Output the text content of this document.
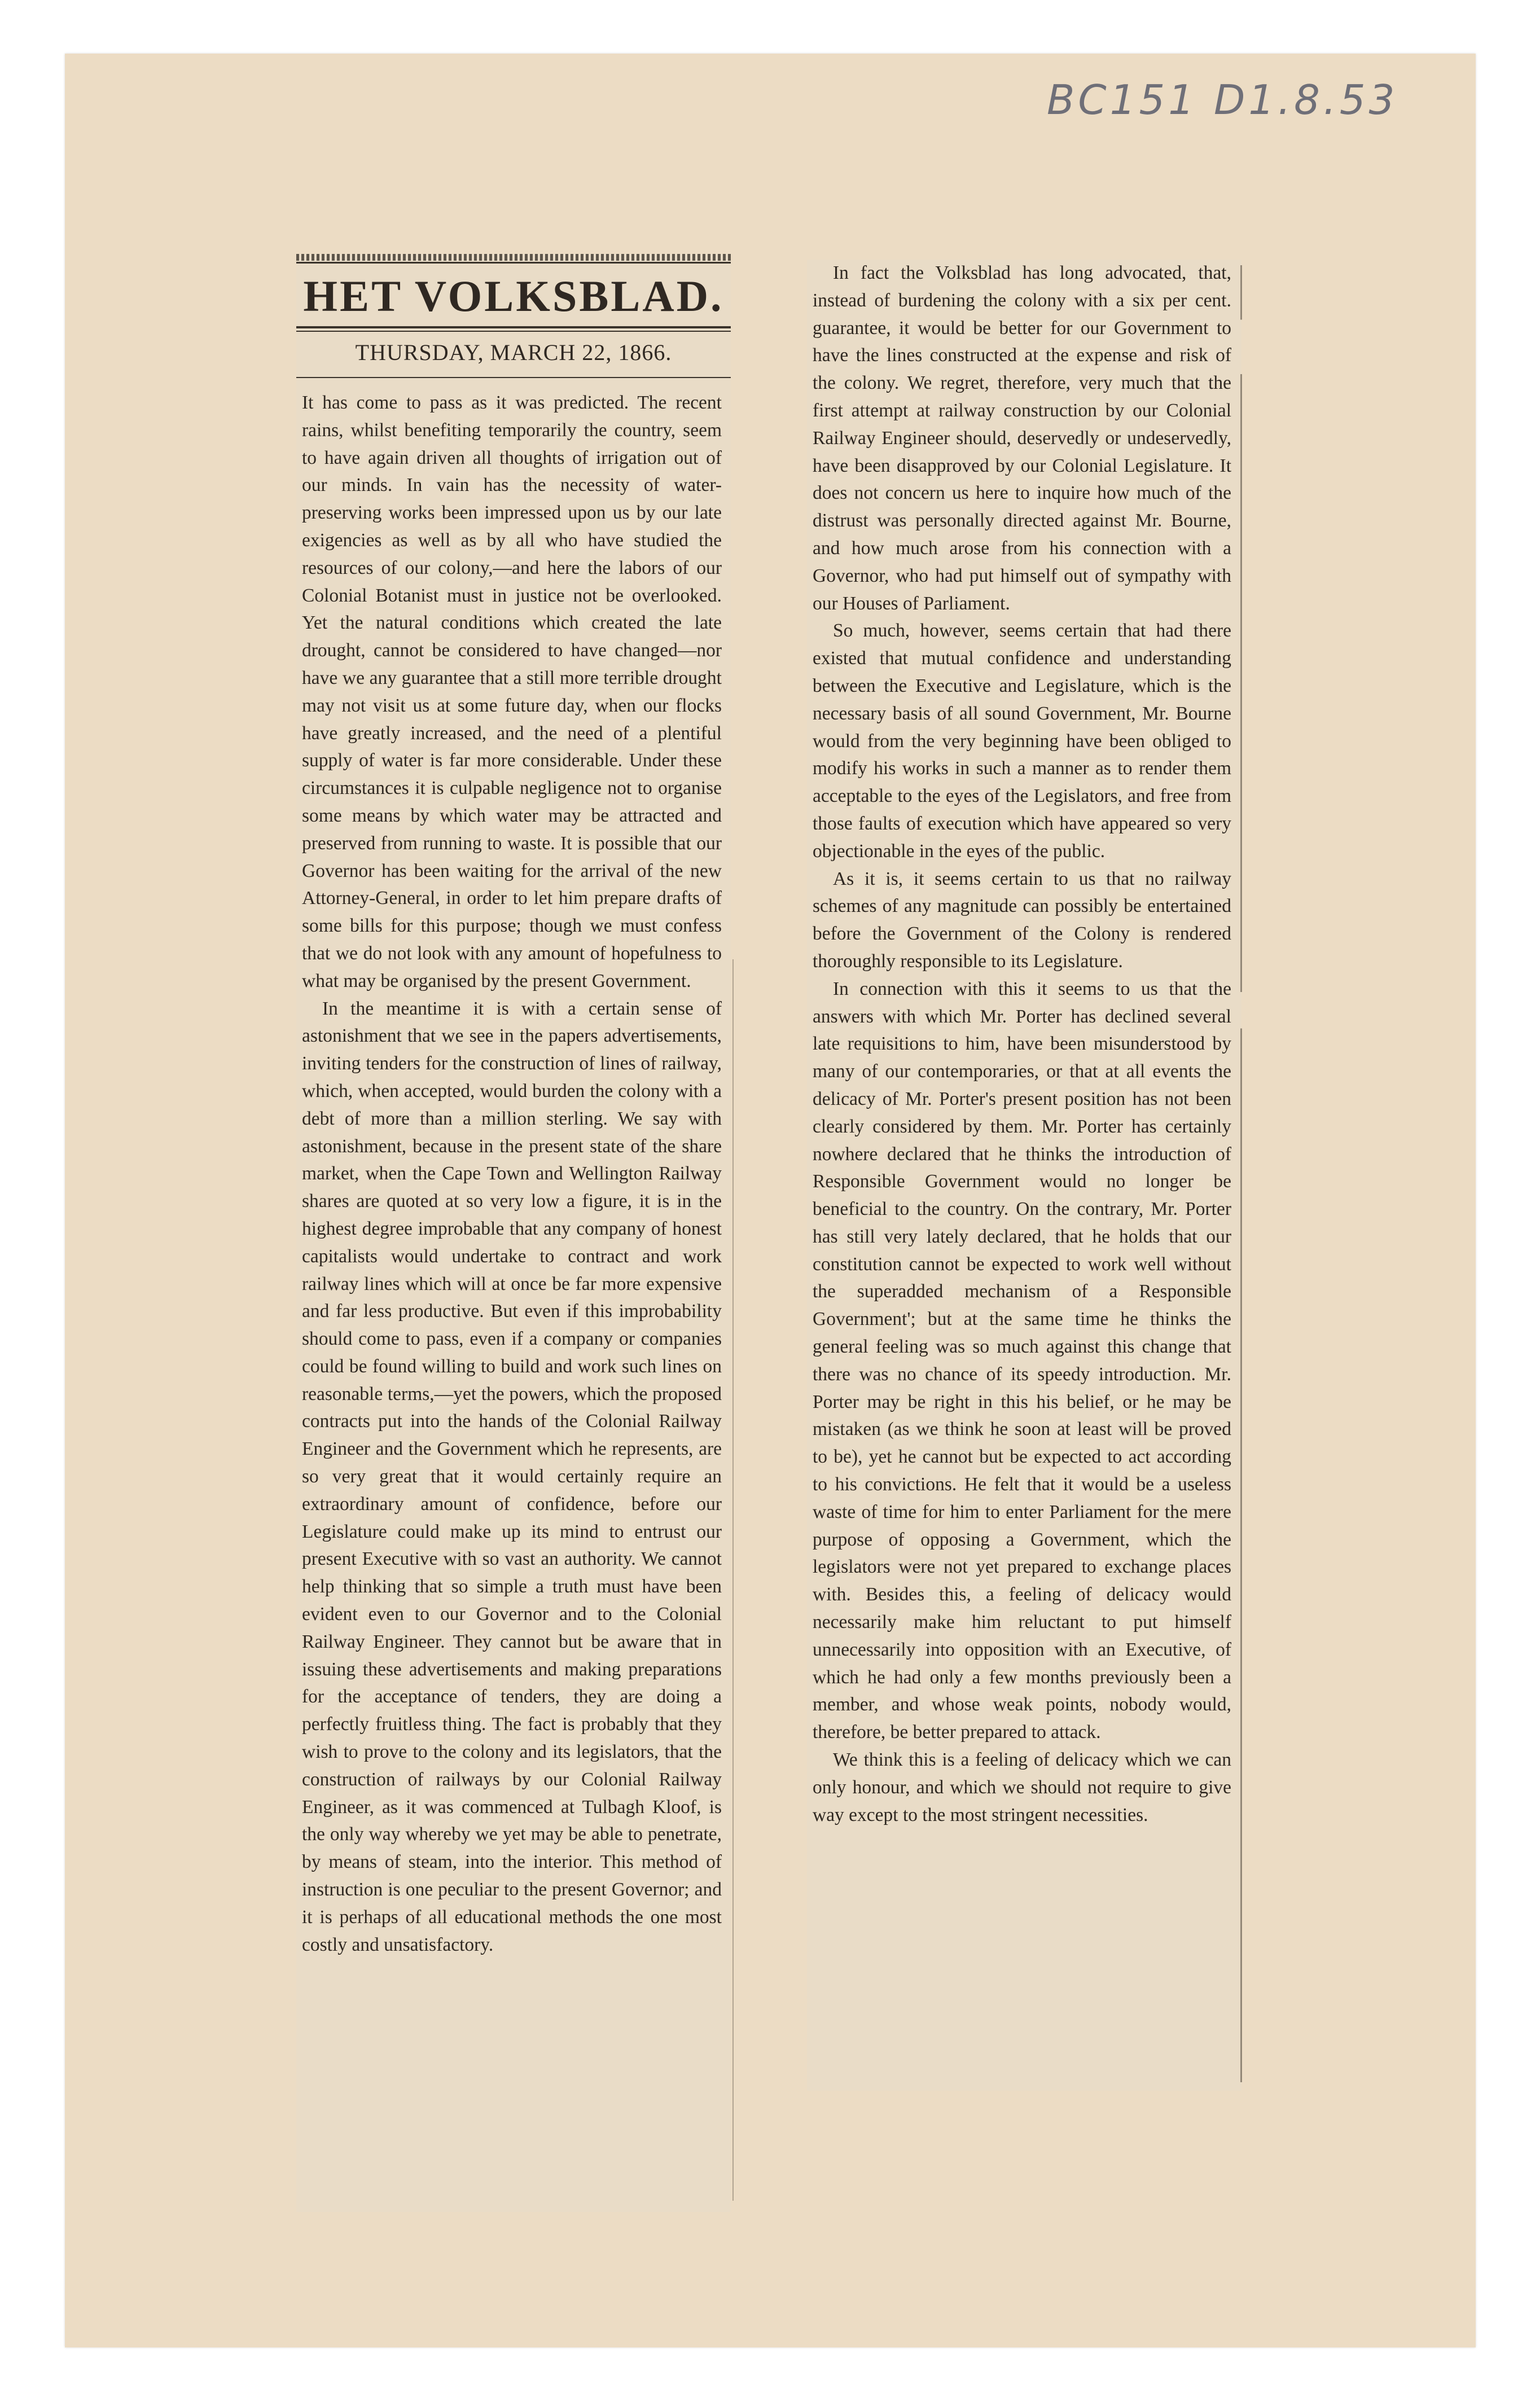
BC151 D1.8.53
HET VOLKSBLAD.
THURSDAY, MARCH 22, 1866.

It has come to pass as it was predicted. The recent rains, whilst benefiting temporarily the country, seem to have again driven all thoughts of irrigation out of our minds. In vain has the necessity of water-preserving works been impressed upon us by our late exigencies as well as by all who have studied the resources of our colony,—and here the labors of our Colonial Botanist must in justice not be overlooked. Yet the natural conditions which created the late drought, cannot be considered to have changed—nor have we any guarantee that a still more terrible drought may not visit us at some future day, when our flocks have greatly increased, and the need of a plentiful supply of water is far more considerable. Under these circumstances it is culpable negligence not to organise some means by which water may be attracted and preserved from running to waste. It is possible that our Governor has been waiting for the arrival of the new Attorney-General, in order to let him prepare drafts of some bills for this purpose; though we must confess that we do not look with any amount of hopefulness to what may be organised by the present Government.

In the meantime it is with a certain sense of astonishment that we see in the papers advertisements, inviting tenders for the construction of lines of railway, which, when accepted, would burden the colony with a debt of more than a million sterling. We say with astonishment, because in the present state of the share market, when the Cape Town and Wellington Railway shares are quoted at so very low a figure, it is in the highest degree improbable that any company of honest capitalists would undertake to contract and work railway lines which will at once be far more expensive and far less productive. But even if this improbability should come to pass, even if a company or companies could be found willing to build and work such lines on reasonable terms,—yet the powers, which the proposed contracts put into the hands of the Colonial Railway Engineer and the Government which he represents, are so very great that it would certainly require an extraordinary amount of confidence, before our Legislature could make up its mind to entrust our present Executive with so vast an authority. We cannot help thinking that so simple a truth must have been evident even to our Governor and to the Colonial Railway Engineer. They cannot but be aware that in issuing these advertisements and making preparations for the acceptance of tenders, they are doing a perfectly fruitless thing. The fact is probably that they wish to prove to the colony and its legislators, that the construction of railways by our Colonial Railway Engineer, as it was commenced at Tulbagh Kloof, is the only way whereby we yet may be able to penetrate, by means of steam, into the interior. This method of instruction is one peculiar to the present Governor; and it is perhaps of all educational methods the one most costly and unsatisfactory.

In fact the Volksblad has long advocated, that, instead of burdening the colony with a six per cent. guarantee, it would be better for our Government to have the lines constructed at the expense and risk of the colony. We regret, therefore, very much that the first attempt at railway construction by our Colonial Railway Engineer should, deservedly or undeservedly, have been disapproved by our Colonial Legislature. It does not concern us here to inquire how much of the distrust was personally directed against Mr. Bourne, and how much arose from his connection with a Governor, who had put himself out of sympathy with our Houses of Parliament.

So much, however, seems certain that had there existed that mutual confidence and understanding between the Executive and Legislature, which is the necessary basis of all sound Government, Mr. Bourne would from the very beginning have been obliged to modify his works in such a manner as to render them acceptable to the eyes of the Legislators, and free from those faults of execution which have appeared so very objectionable in the eyes of the public.

As it is, it seems certain to us that no railway schemes of any magnitude can possibly be entertained before the Government of the Colony is rendered thoroughly responsible to its Legislature.

In connection with this it seems to us that the answers with which Mr. Porter has declined several late requisitions to him, have been misunderstood by many of our contemporaries, or that at all events the delicacy of Mr. Porter's present position has not been clearly considered by them. Mr. Porter has certainly nowhere declared that he thinks the introduction of Responsible Government would no longer be beneficial to the country. On the contrary, Mr. Porter has still very lately declared, that he holds that our constitution cannot be expected to work well without the superadded mechanism of a Responsible Government'; but at the same time he thinks the general feeling was so much against this change that there was no chance of its speedy introduction. Mr. Porter may be right in this his belief, or he may be mistaken (as we think he soon at least will be proved to be), yet he cannot but be expected to act according to his convictions. He felt that it would be a useless waste of time for him to enter Parliament for the mere purpose of opposing a Government, which the legislators were not yet prepared to exchange places with. Besides this, a feeling of delicacy would necessarily make him reluctant to put himself unnecessarily into opposition with an Executive, of which he had only a few months previously been a member, and whose weak points, nobody would, therefore, be better prepared to attack.

We think this is a feeling of delicacy which we can only honour, and which we should not require to give way except to the most stringent necessities.
